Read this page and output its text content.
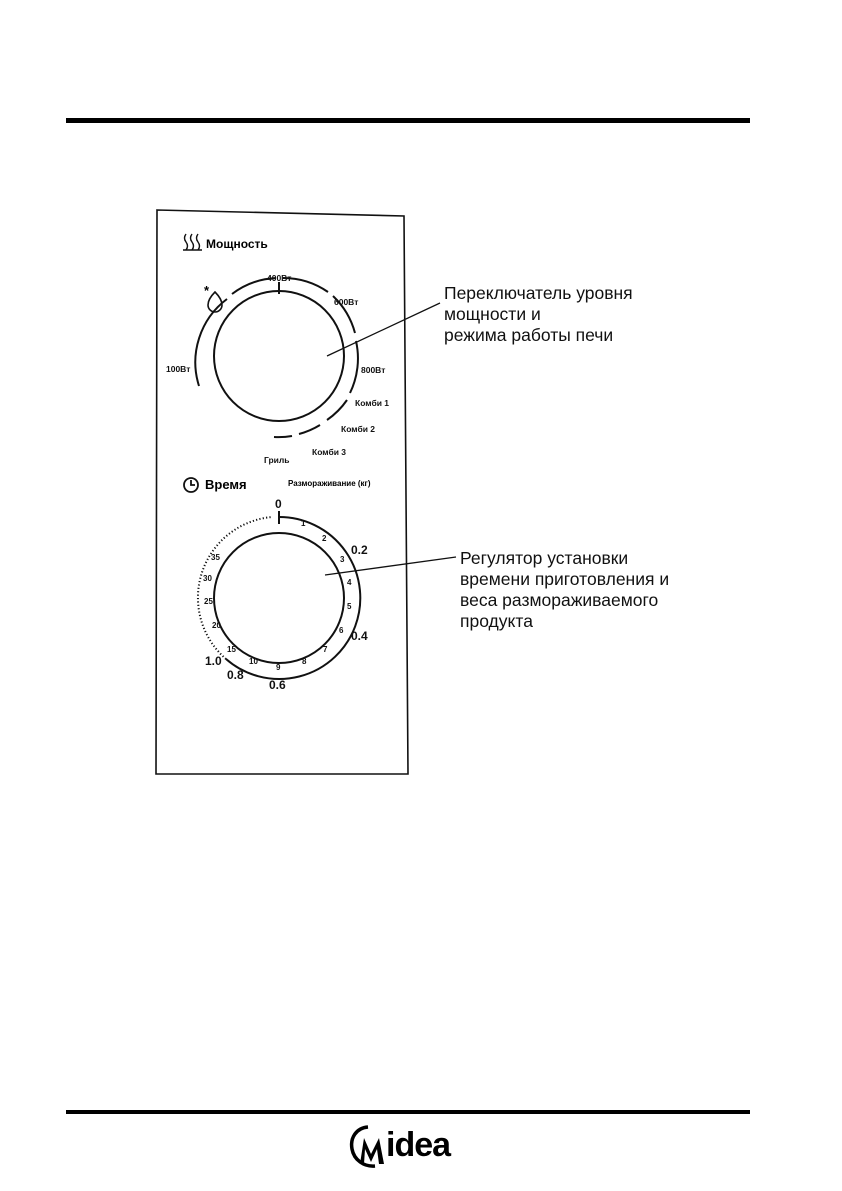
Мощность
*
100Вт
400Вт
600Вт
800Вт
Комби 1
Комби 2
Комби 3
Гриль
Время	Размораживание (кг)
0
1
2
3
4
5
6
7
8
9
10
15
20
25
30
35
0.2
0.4
0.6
0.8
1.0
Переключатель уровня
мощности и
режима работы печи
Регулятор установки
времени приготовления и
веса размораживаемого
продукта
idea
